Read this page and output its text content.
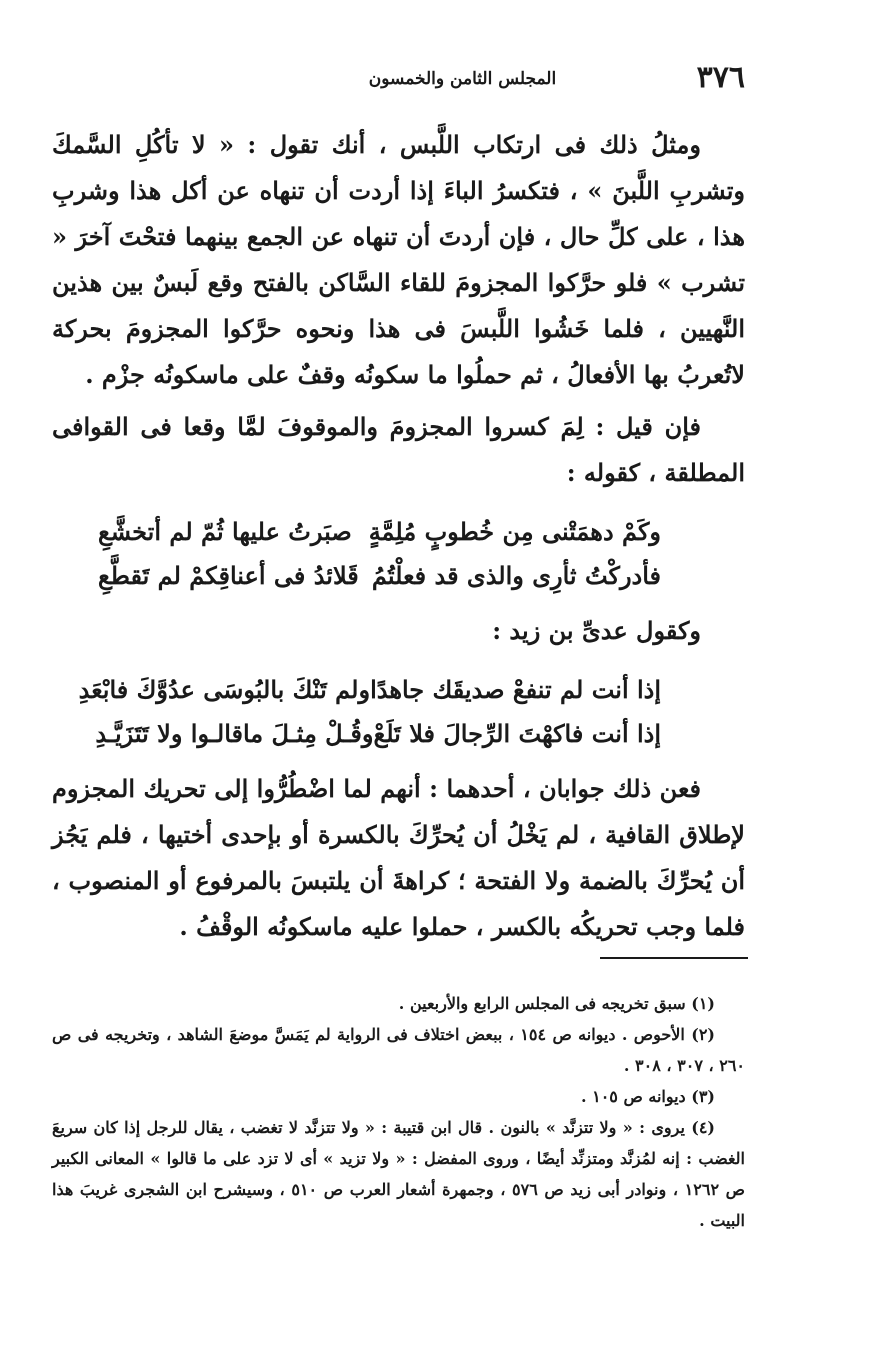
٣٧٦
المجلس الثامن والخمسون

ومثلُ ذلك فى ارتكاب اللَّبس ، أنك تقول : « لا تأكُلِ السَّمكَ وتشربِ اللَّبنَ » ، فتكسرُ الباءَ إذا أردت أن تنهاه عن أكل هذا وشربِ هذا ، على كلِّ حال ، فإن أردتَ أن تنهاه عن الجمع بينهما فتحْتَ آخرَ « تشرب » فلو حرَّكوا المجزومَ للقاء السَّاكن بالفتح وقع لَبسٌ بين هذين النَّهيين ، فلما خَشُوا اللَّبسَ فى هذا ونحوه حرَّكوا المجزومَ بحركة لاتُعربُ بها الأفعالُ ، ثم حملُوا ما سكونُه وقفٌ على ماسكونُه جزْم .

فإن قيل : لِمَ كسروا المجزومَ والموقوفَ لمَّا وقعا فى القوافى المطلقة ، كقوله :

وكَمْ دهمَتْنى مِن خُطوبٍ مُلِمَّةٍ
صبَرتُ عليها ثُمّ لم أتخشَّعِ
فأدركْتُ ثأرِى والذى قد فعلْتُمُ
قَلائدُ فى أعناقِكمْ لم تَقطَّعِ

وكقول عدىِّ بن زيد :

إذا أنت لم تنفعْ صديقَك جاهدًا
ولم تَنْكَ بالبُوسَى عدُوَّكَ فابْعَدِ
إذا أنت فاكهْتَ الرِّجالَ فلا تَلَعْ
وقُـلْ مِثـلَ ماقالـوا ولا تَتَزَيَّـدِ

فعن ذلك جوابان ، أحدهما : أنهم لما اضْطُرُّوا إلى تحريك المجزوم لإطلاق القافية ، لم يَخْلُ أن يُحرِّكَ بالكسرة أو بإحدى أختيها ، فلم يَجُز أن يُحرِّكَ بالضمة ولا الفتحة ؛ كراهةَ أن يلتبسَ بالمرفوع أو المنصوب ، فلما وجب تحريكُه بالكسر ، حملوا عليه ماسكونُه الوقْفُ .

(١) سبق تخريجه فى المجلس الرابع والأربعين .

(٢) الأحوص . ديوانه ص ١٥٤ ، ببعض اختلاف فى الرواية لم يَمَسَّ موضعَ الشاهد ، وتخريجه فى ص ٢٦٠ ، ٣٠٧ ، ٣٠٨ .

(٣) ديوانه ص ١٠٥ .

(٤) يروى : « ولا تتزنَّد » بالنون . قال ابن قتيبة : « ولا تتزنَّد لا تغضب ، يقال للرجل إذا كان سريعَ الغضب : إنه لمُزنَّد ومتزنِّد أيضًا ، وروى المفضل : « ولا تزيد » أى لا تزد على ما قالوا » المعانى الكبير ص ١٢٦٢ ، ونوادر أبى زيد ص ٥٧٦ ، وجمهرة أشعار العرب ص ٥١٠ ، وسيشرح ابن الشجرى غريبَ هذا البيت .
